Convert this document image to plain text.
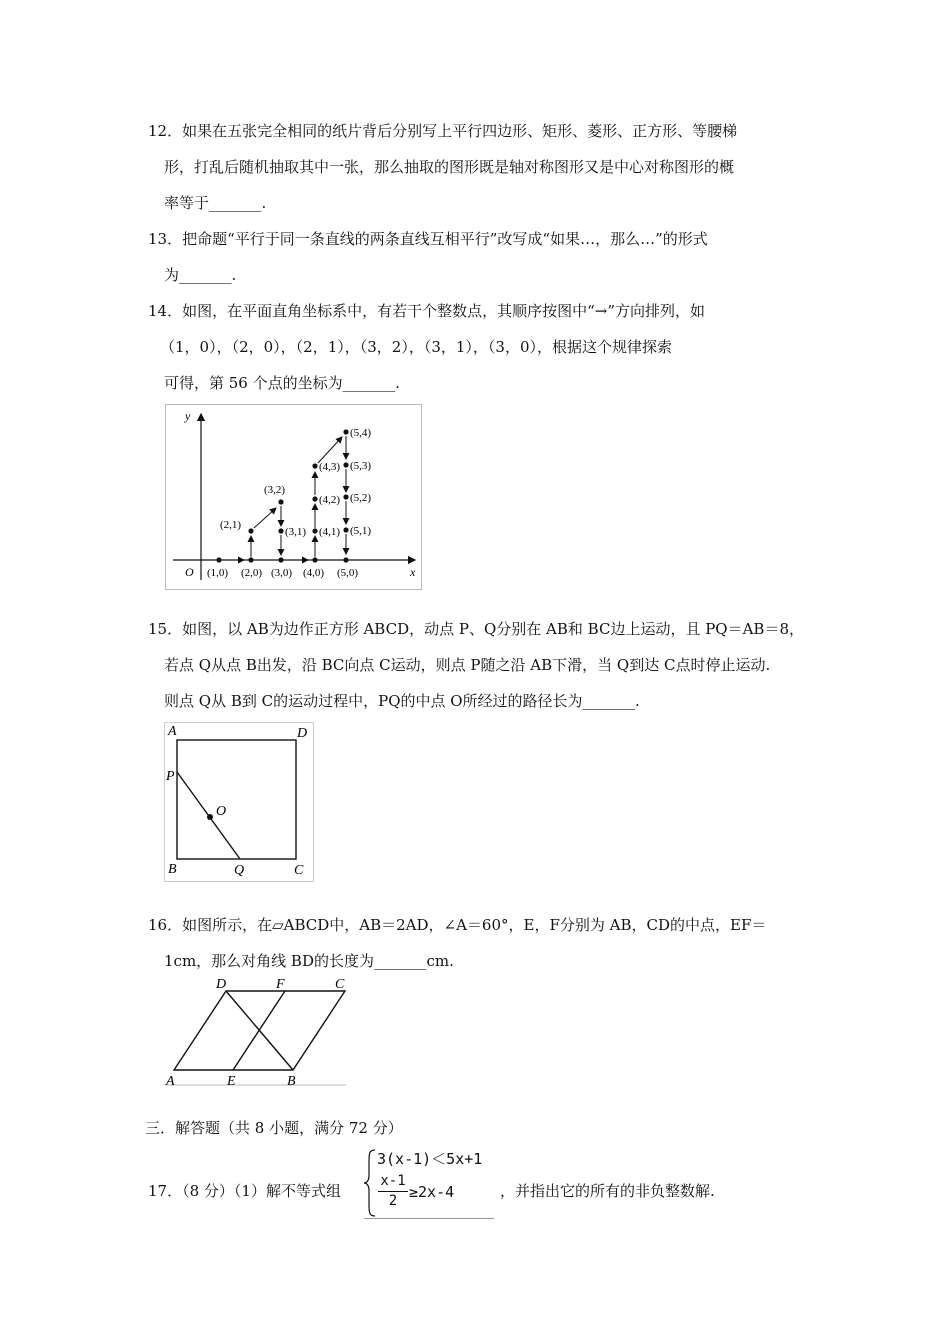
12．如果在五张完全相同的纸片背后分别写上平行四边形、矩形、菱形、正方形、等腰梯
形，打乱后随机抽取其中一张，那么抽取的图形既是轴对称图形又是中心对称图形的概
率等于_______.
13．把命题“平行于同一条直线的两条直线互相平行”改写成“如果…，那么…”的形式
为_______.
14．如图，在平面直角坐标系中，有若干个整数点，其顺序按图中“→”方向排列，如
（1，0），（2，0），（2，1），（3，2），（3，1），（3，0），根据这个规律探索
可得，第 56 个点的坐标为_______.
y
x
O (1,0) (2,0)
(2,1)
(3,2)
(3,1)
(3,0) (4,0)
(4,1)
(4,2)
(4,3)
(5,4)
(5,3)
(5,2)
(5,1)
(5,0)
15．如图，以 AB为边作正方形 ABCD，动点 P、Q分别在 AB和 BC边上运动，且 PQ＝AB＝8，
若点 Q从点 B出发，沿 BC向点 C运动，则点 P随之沿 AB下滑，当 Q到达 C点时停止运动.
则点 Q从 B到 C的运动过程中，PQ的中点 O所经过的路径长为_______.
A	D
P
O
B	Q	C
16．如图所示，在▱ABCD中，AB＝2AD，∠A＝60°，E，F分别为 AB，CD的中点，EF＝
1cm，那么对角线 BD的长度为_______cm.
D	F	C
A	E	B
三．解答题（共 8 小题，满分 72 分）
17．（8 分）（1）解不等式组
3(x-1)＜5x+1
x-1
2 ≥2x-4	，并指出它的所有的非负整数解.
